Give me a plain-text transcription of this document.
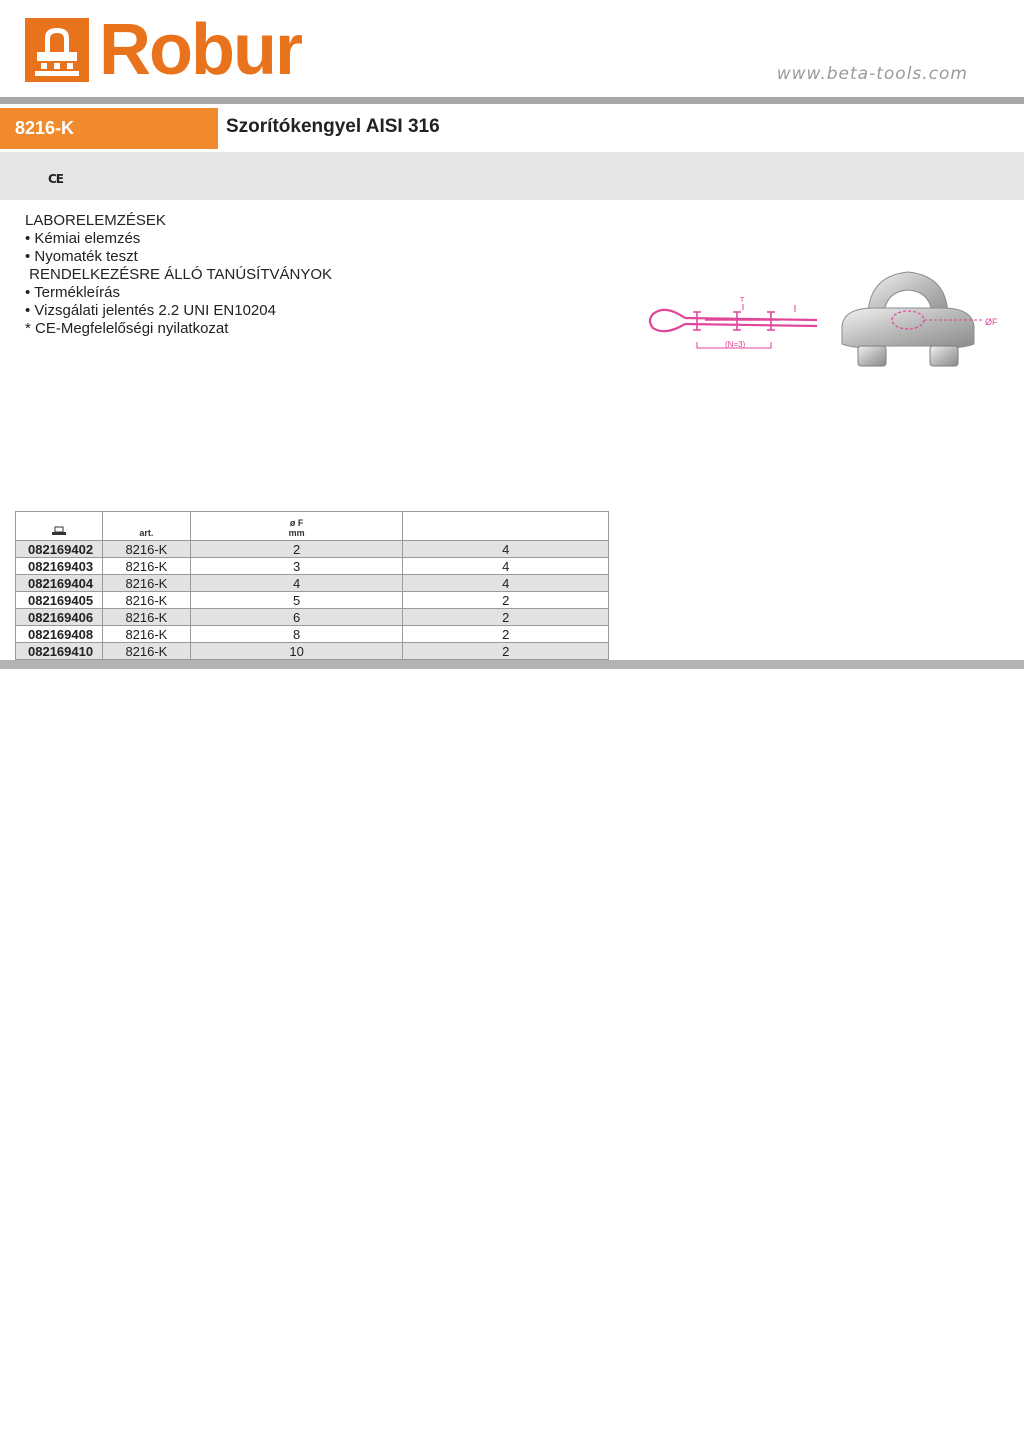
Robur	www.beta-tools.com
8216-K	Szorítókengyel AISI 316
CE
LABORELEMZÉSEK
• Kémiai elemzés
• Nyomaték teszt
RENDELKEZÉSRE ÁLLÓ TANÚSÍTVÁNYOK
• Termékleírás
• Vizsgálati jelentés 2.2 UNI EN10204
* CE-Megfelelőségi nyilatkozat
T
(N=3)
ØF
	art.	ø F
mm	

082169402	8216-K	2	4
082169403	8216-K	3	4
082169404	8216-K	4	4
082169405	8216-K	5	2
082169406	8216-K	6	2
082169408	8216-K	8	2
082169410	8216-K	10	2
